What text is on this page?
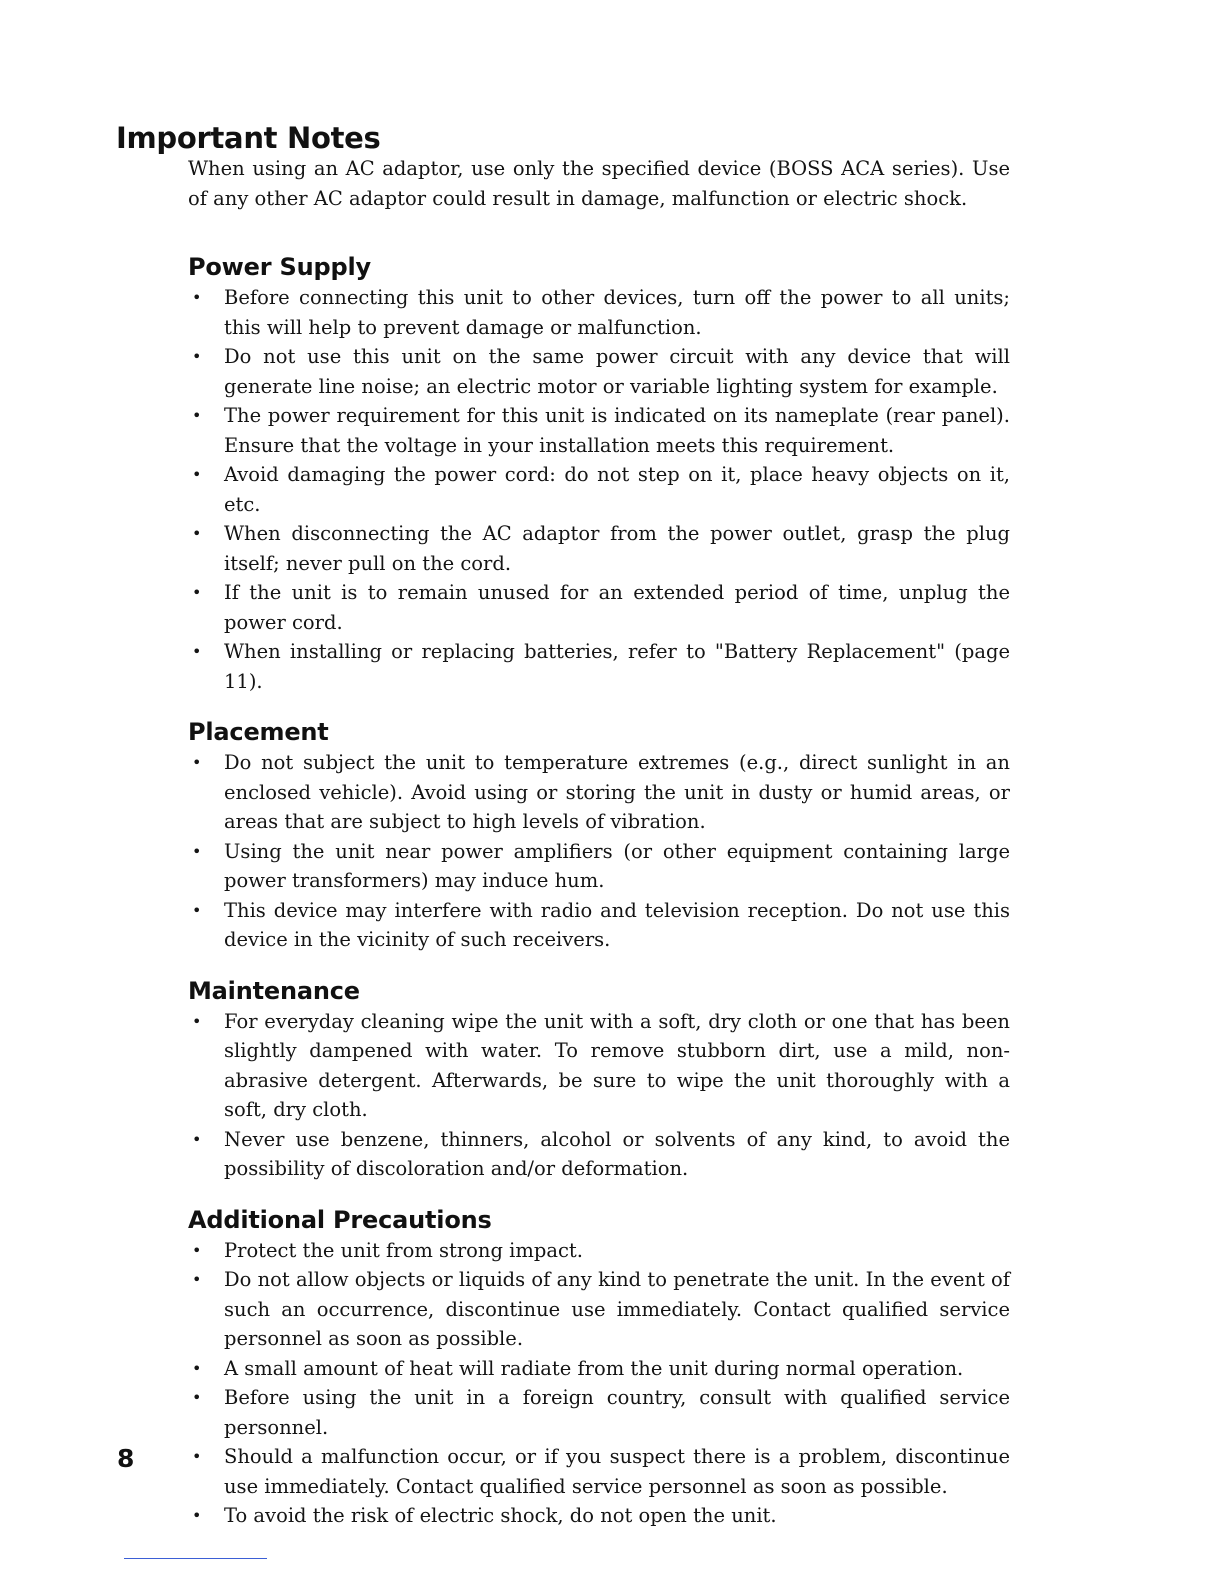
Important Notes

When using an AC adaptor, use only the specified device (BOSS ACA series). Use of any other AC adaptor could result in damage, malfunction or electric shock.

Power Supply
• Before connecting this unit to other devices, turn off the power to all units; this will help to prevent damage or malfunction.
• Do not use this unit on the same power circuit with any device that will generate line noise; an electric motor or variable lighting system for example.
• The power requirement for this unit is indicated on its nameplate (rear panel). Ensure that the voltage in your installation meets this requirement.
• Avoid damaging the power cord: do not step on it, place heavy objects on it, etc.
• When disconnecting the AC adaptor from the power outlet, grasp the plug itself; never pull on the cord.
• If the unit is to remain unused for an extended period of time, unplug the power cord.
• When installing or replacing batteries, refer to "Battery Replacement" (page 11).
Placement
• Do not subject the unit to temperature extremes (e.g., direct sunlight in an enclosed vehicle). Avoid using or storing the unit in dusty or humid areas, or areas that are subject to high levels of vibration.
• Using the unit near power amplifiers (or other equipment containing large power transformers) may induce hum.
• This device may interfere with radio and television reception. Do not use this device in the vicinity of such receivers.
Maintenance
• For everyday cleaning wipe the unit with a soft, dry cloth or one that has been slightly dampened with water. To remove stubborn dirt, use a mild, non-abrasive detergent. Afterwards, be sure to wipe the unit thoroughly with a soft, dry cloth.
• Never use benzene, thinners, alcohol or solvents of any kind, to avoid the possibility of discoloration and/or deformation.
Additional Precautions
• Protect the unit from strong impact.
• Do not allow objects or liquids of any kind to penetrate the unit. In the event of such an occurrence, discontinue use immediately. Contact qualified service personnel as soon as possible.
• A small amount of heat will radiate from the unit during normal operation.
• Before using the unit in a foreign country, consult with qualified service personnel.
• Should a malfunction occur, or if you suspect there is a problem, discontinue use immediately. Contact qualified service personnel as soon as possible.
• To avoid the risk of electric shock, do not open the unit.
8
